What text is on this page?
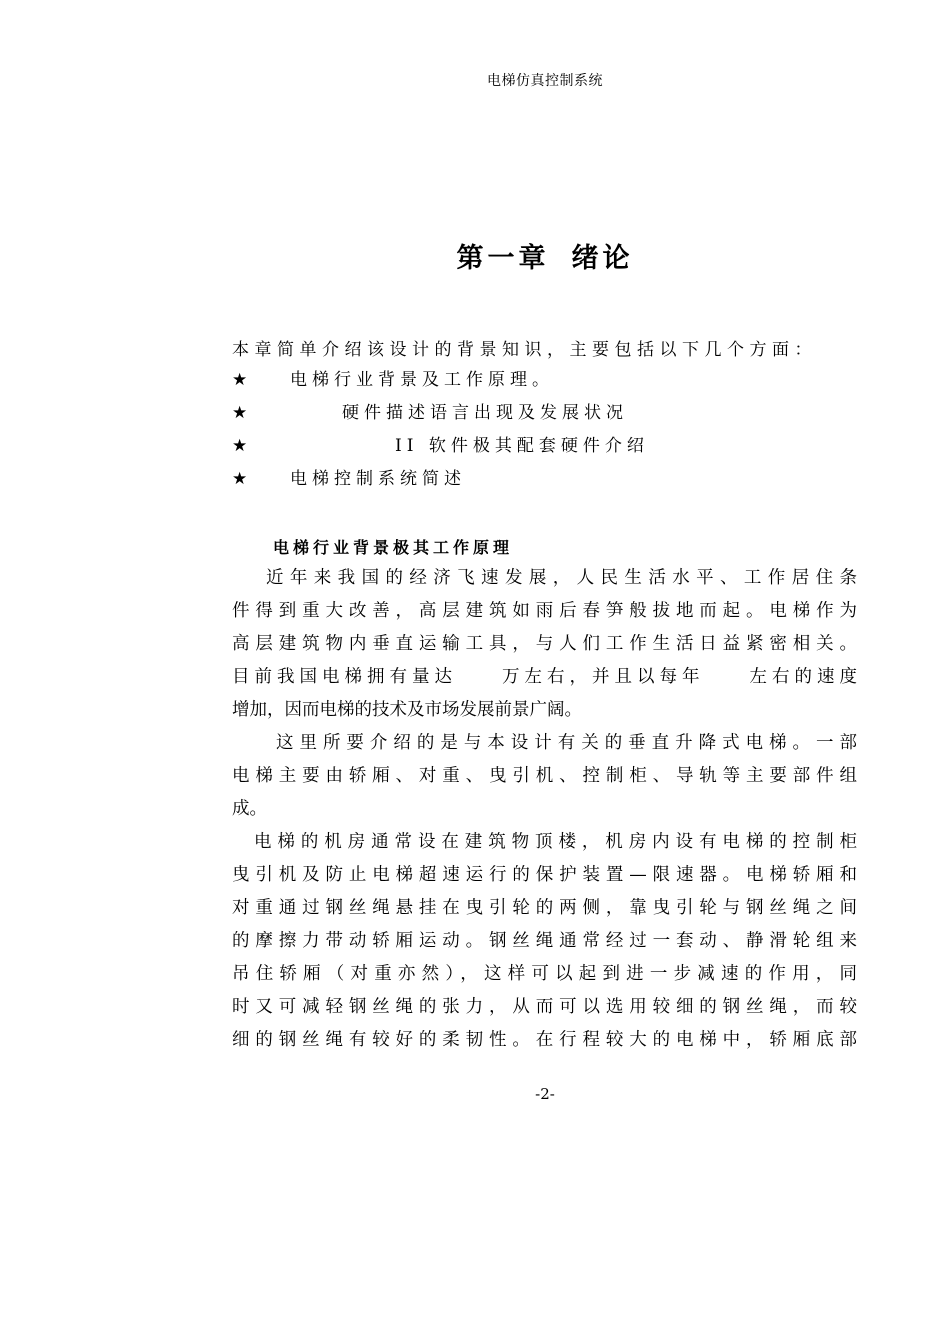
电梯仿真控制系统
第一章 绪论
本章简单介绍该设计的背景知识，主要包括以下几个方面：
★	电梯行业背景及工作原理。
★	硬件描述语言出现及发展状况
★	II 软件极其配套硬件介绍
★	电梯控制系统简述
电梯行业背景极其工作原理
近年来我国的经济飞速发展，人民生活水平、工作居住条
件得到重大改善，高层建筑如雨后春笋般拔地而起。电梯作为
高层建筑物内垂直运输工具，与人们工作生活日益紧密相关。
目前我国电梯拥有量达　　万左右，并且以每年　　左右的速度
增加，因而电梯的技术及市场发展前景广阔。
这里所要介绍的是与本设计有关的垂直升降式电梯。一部
电梯主要由轿厢、对重、曳引机、控制柜、导轨等主要部件组
成。
电梯的机房通常设在建筑物顶楼，机房内设有电梯的控制柜
曳引机及防止电梯超速运行的保护装置—限速器。电梯轿厢和
对重通过钢丝绳悬挂在曳引轮的两侧，靠曳引轮与钢丝绳之间
的摩擦力带动轿厢运动。钢丝绳通常经过一套动、静滑轮组来
吊住轿厢（对重亦然），这样可以起到进一步减速的作用，同
时又可减轻钢丝绳的张力，从而可以选用较细的钢丝绳，而较
细的钢丝绳有较好的柔韧性。在行程较大的电梯中，轿厢底部
-2-
